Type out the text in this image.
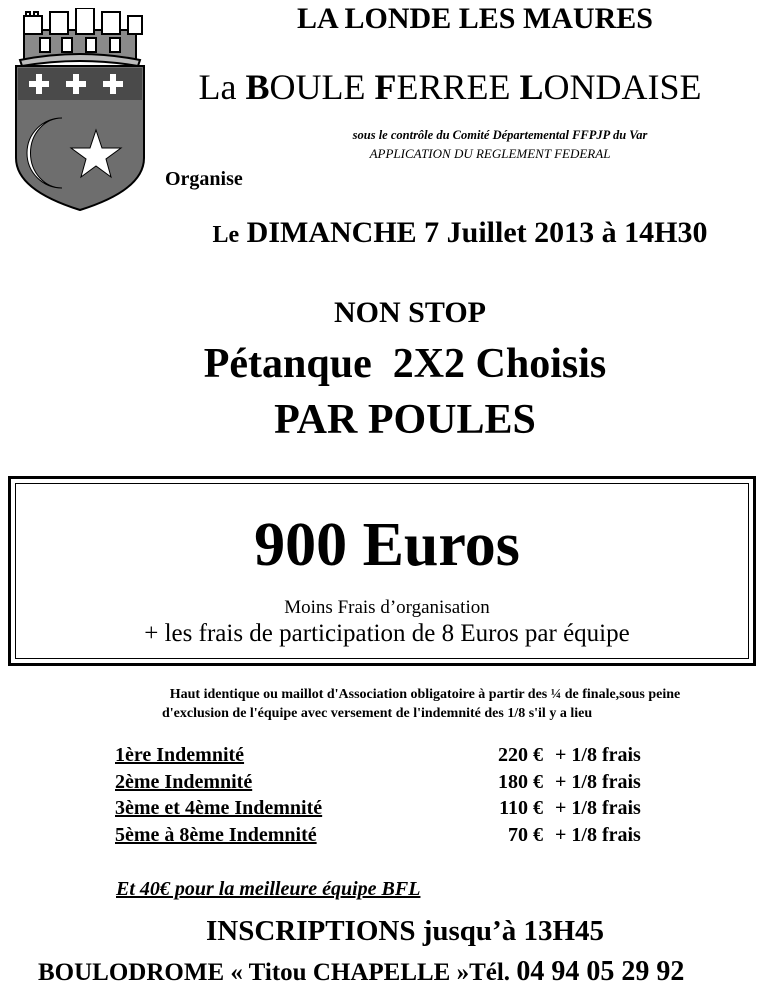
LA LONDE LES MAURES
La BOULE FERREE LONDAISE
sous le contrôle du Comité Départemental FFPJP du Var
APPLICATION DU REGLEMENT FEDERAL
Organise
Le DIMANCHE 7 Juillet 2013 à 14H30
NON STOP
Pétanque  2X2 Choisis
PAR POULES
900 Euros
Moins Frais d’organisation
+ les frais de participation de 8 Euros par équipe
Haut identique ou maillot d'Association obligatoire à partir des ¼ de finale,sous peine
d'exclusion de l'équipe avec versement de l'indemnité des 1/8 s'il y a lieu
1ère Indemnité	220 € + 1/8 frais
2ème Indemnité	180 € + 1/8 frais
3ème et 4ème Indemnité	110 € + 1/8 frais
5ème à 8ème Indemnité	70 € + 1/8 frais
Et 40€ pour la meilleure équipe BFL
INSCRIPTIONS jusqu’à 13H45
BOULODROME « Titou CHAPELLE »Tél. 04 94 05 29 92
